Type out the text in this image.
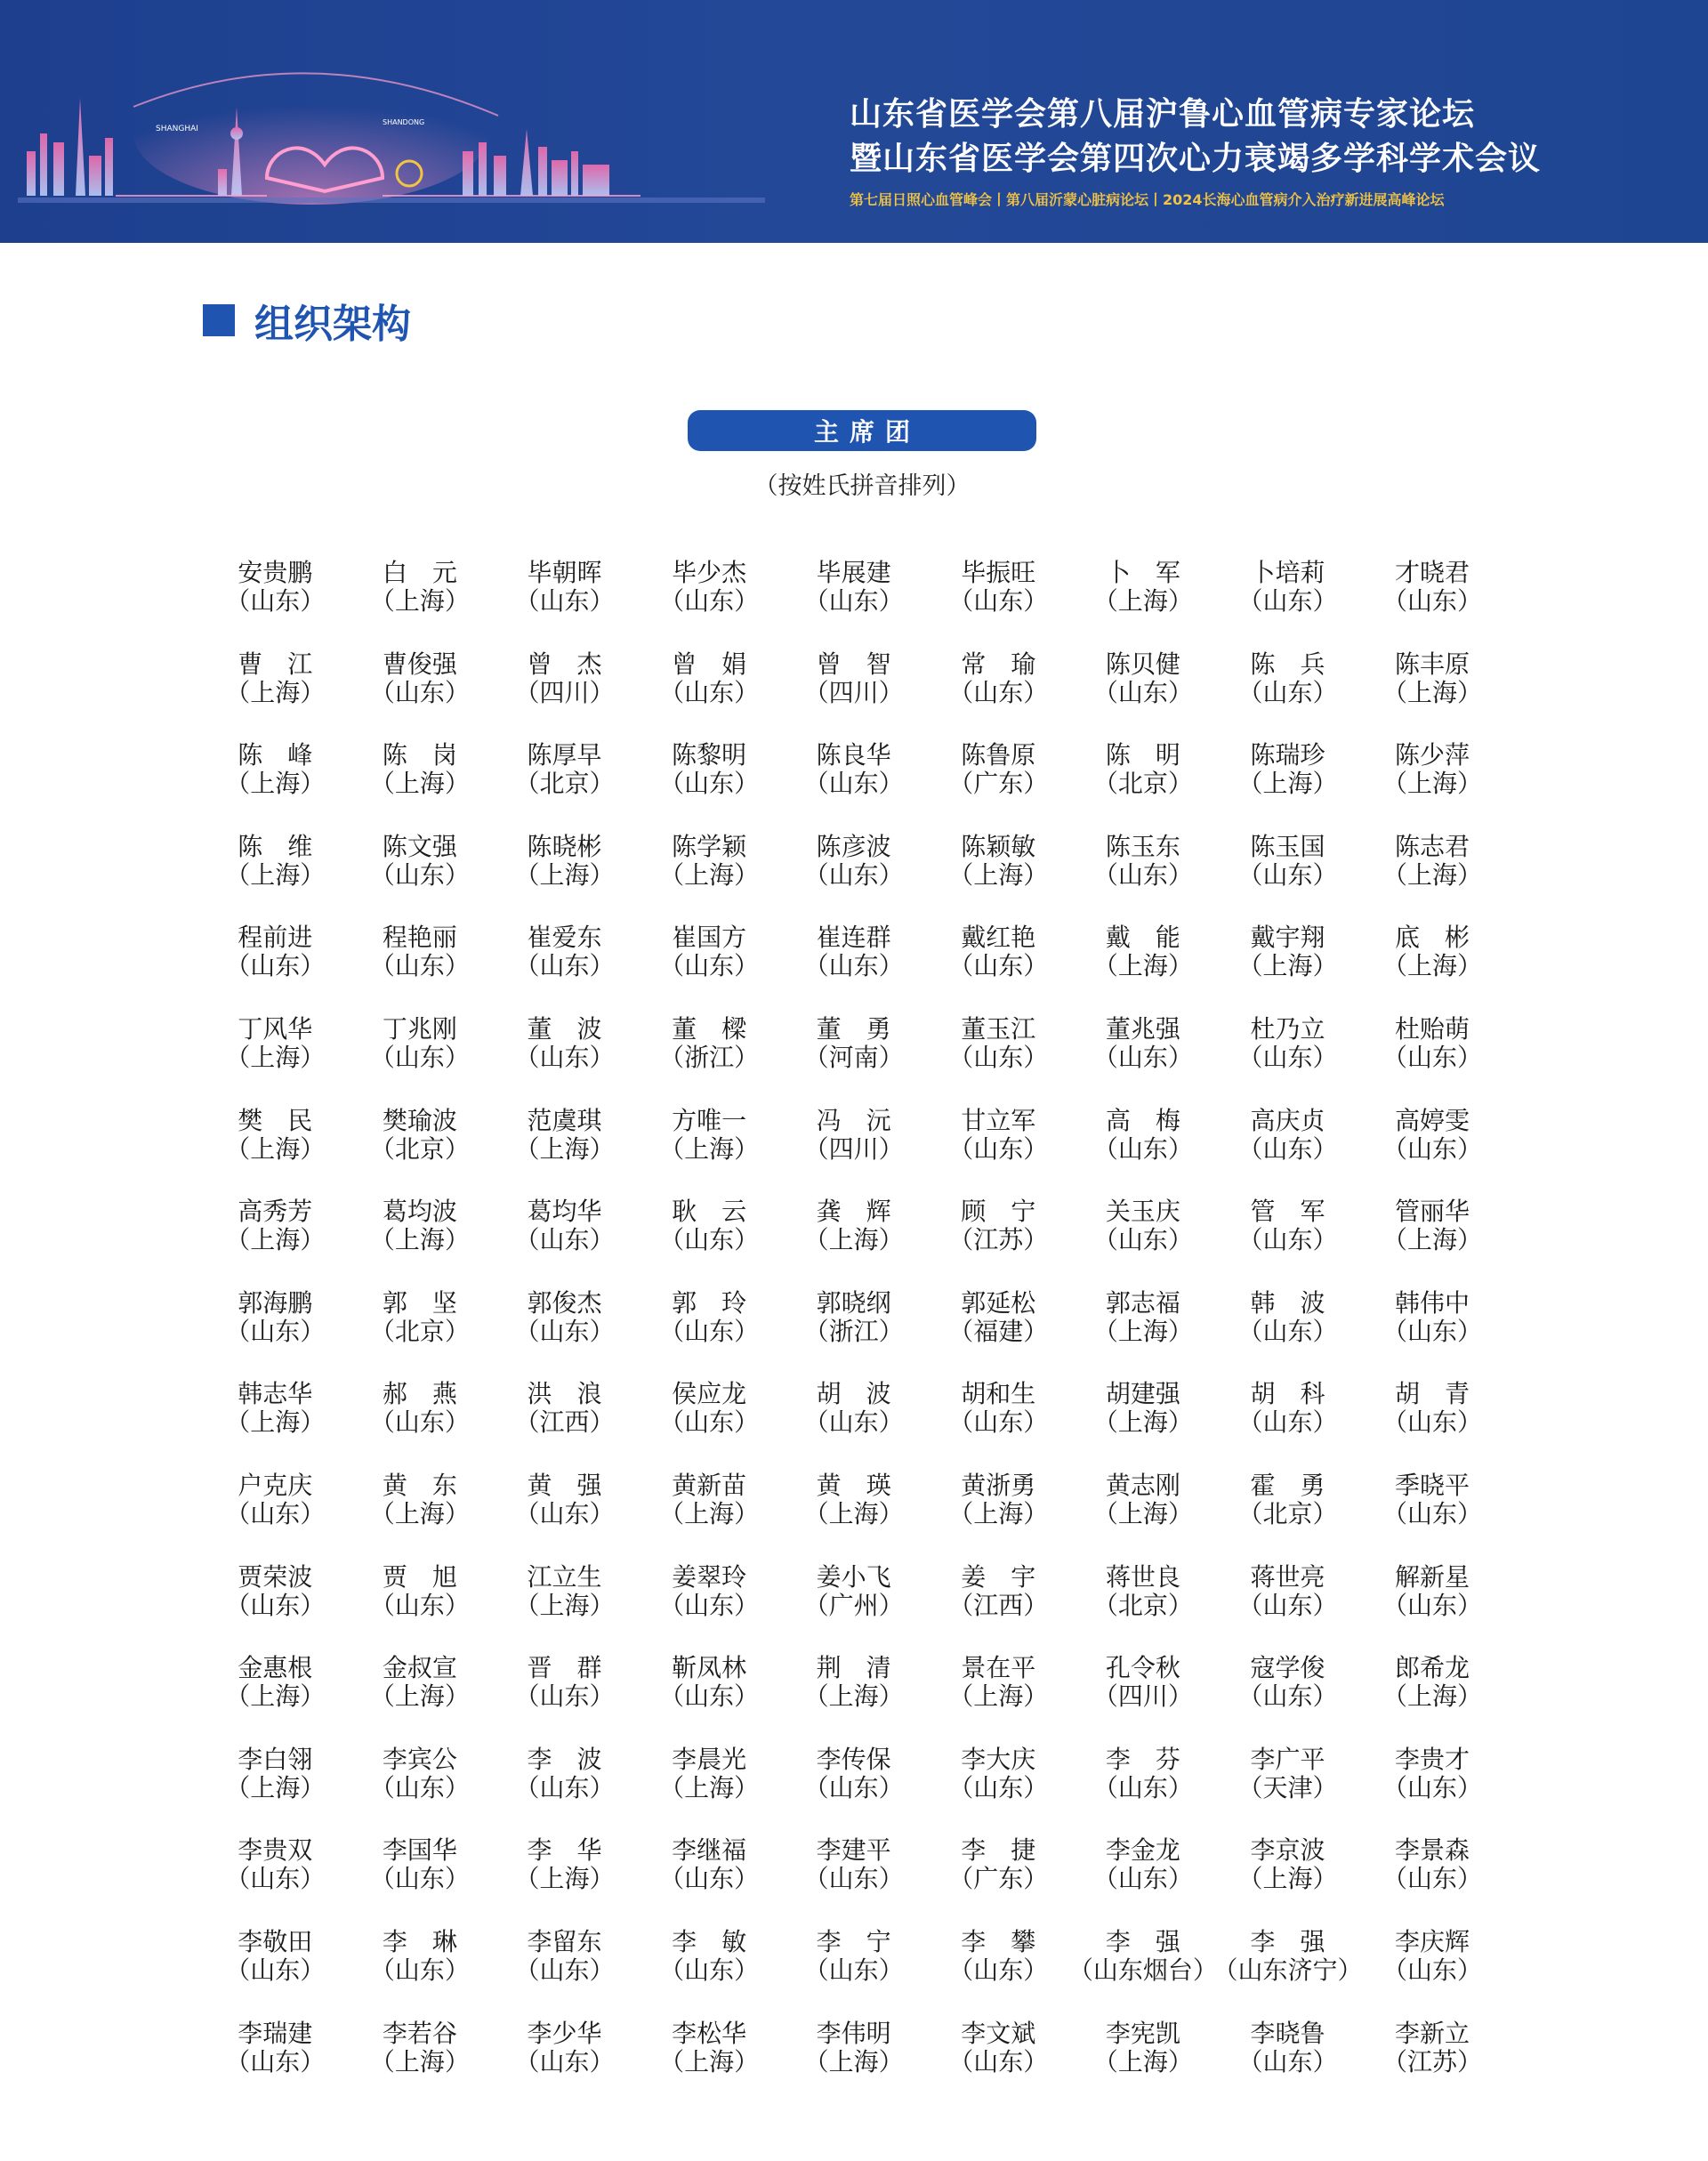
SHANGHAI
SHANDONG	山东省医学会第八届沪鲁心血管病专家论坛
暨山东省医学会第四次心力衰竭多学科学术会议
第七届日照心血管峰会丨第八届沂蒙心脏病论坛丨2024长海心血管病介入治疗新进展高峰论坛
组织架构
主席团
（按姓氏拼音排列）
安贵鹏
（山东）
白　元
（上海）
毕朝晖
（山东）
毕少杰
（山东）
毕展建
（山东）
毕振旺
（山东）
卜　军
（上海）
卜培莉
（山东）
才晓君
（山东）
曹　江
（上海）
曹俊强
（山东）
曾　杰
（四川）
曾　娟
（山东）
曾　智
（四川）
常　瑜
（山东）
陈贝健
（山东）
陈　兵
（山东）
陈丰原
（上海）
陈　峰
（上海）
陈　岗
（上海）
陈厚早
（北京）
陈黎明
（山东）
陈良华
（山东）
陈鲁原
（广东）
陈　明
（北京）
陈瑞珍
（上海）
陈少萍
（上海）
陈　维
（上海）
陈文强
（山东）
陈晓彬
（上海）
陈学颖
（上海）
陈彦波
（山东）
陈颖敏
（上海）
陈玉东
（山东）
陈玉国
（山东）
陈志君
（上海）
程前进
（山东）
程艳丽
（山东）
崔爱东
（山东）
崔国方
（山东）
崔连群
（山东）
戴红艳
（山东）
戴　能
（上海）
戴宇翔
（上海）
底　彬
（上海）
丁风华
（上海）
丁兆刚
（山东）
董　波
（山东）
董　樑
（浙江）
董　勇
（河南）
董玉江
（山东）
董兆强
（山东）
杜乃立
（山东）
杜贻萌
（山东）
樊　民
（上海）
樊瑜波
（北京）
范虞琪
（上海）
方唯一
（上海）
冯　沅
（四川）
甘立军
（山东）
高　梅
（山东）
高庆贞
（山东）
高婷雯
（山东）
高秀芳
（上海）
葛均波
（上海）
葛均华
（山东）
耿　云
（山东）
龚　辉
（上海）
顾　宁
（江苏）
关玉庆
（山东）
管　军
（山东）
管丽华
（上海）
郭海鹏
（山东）
郭　坚
（北京）
郭俊杰
（山东）
郭　玲
（山东）
郭晓纲
（浙江）
郭延松
（福建）
郭志福
（上海）
韩　波
（山东）
韩伟中
（山东）
韩志华
（上海）
郝　燕
（山东）
洪　浪
（江西）
侯应龙
（山东）
胡　波
（山东）
胡和生
（山东）
胡建强
（上海）
胡　科
（山东）
胡　青
（山东）
户克庆
（山东）
黄　东
（上海）
黄　强
（山东）
黄新苗
（上海）
黄　瑛
（上海）
黄浙勇
（上海）
黄志刚
（上海）
霍　勇
（北京）
季晓平
（山东）
贾荣波
（山东）
贾　旭
（山东）
江立生
（上海）
姜翠玲
（山东）
姜小飞
（广州）
姜　宇
（江西）
蒋世良
（北京）
蒋世亮
（山东）
解新星
（山东）
金惠根
（上海）
金叔宣
（上海）
晋　群
（山东）
靳凤林
（山东）
荆　清
（上海）
景在平
（上海）
孔令秋
（四川）
寇学俊
（山东）
郎希龙
（上海）
李白翎
（上海）
李宾公
（山东）
李　波
（山东）
李晨光
（上海）
李传保
（山东）
李大庆
（山东）
李　芬
（山东）
李广平
（天津）
李贵才
（山东）
李贵双
（山东）
李国华
（山东）
李　华
（上海）
李继福
（山东）
李建平
（山东）
李　捷
（广东）
李金龙
（山东）
李京波
（上海）
李景森
（山东）
李敬田
（山东）
李　琳
（山东）
李留东
（山东）
李　敏
（山东）
李　宁
（山东）
李　攀
（山东）
李　强
（山东烟台）
李　强
（山东济宁）
李庆辉
（山东）
李瑞建
（山东）
李若谷
（上海）
李少华
（山东）
李松华
（上海）
李伟明
（上海）
李文斌
（山东）
李宪凯
（上海）
李晓鲁
（山东）
李新立
（江苏）
